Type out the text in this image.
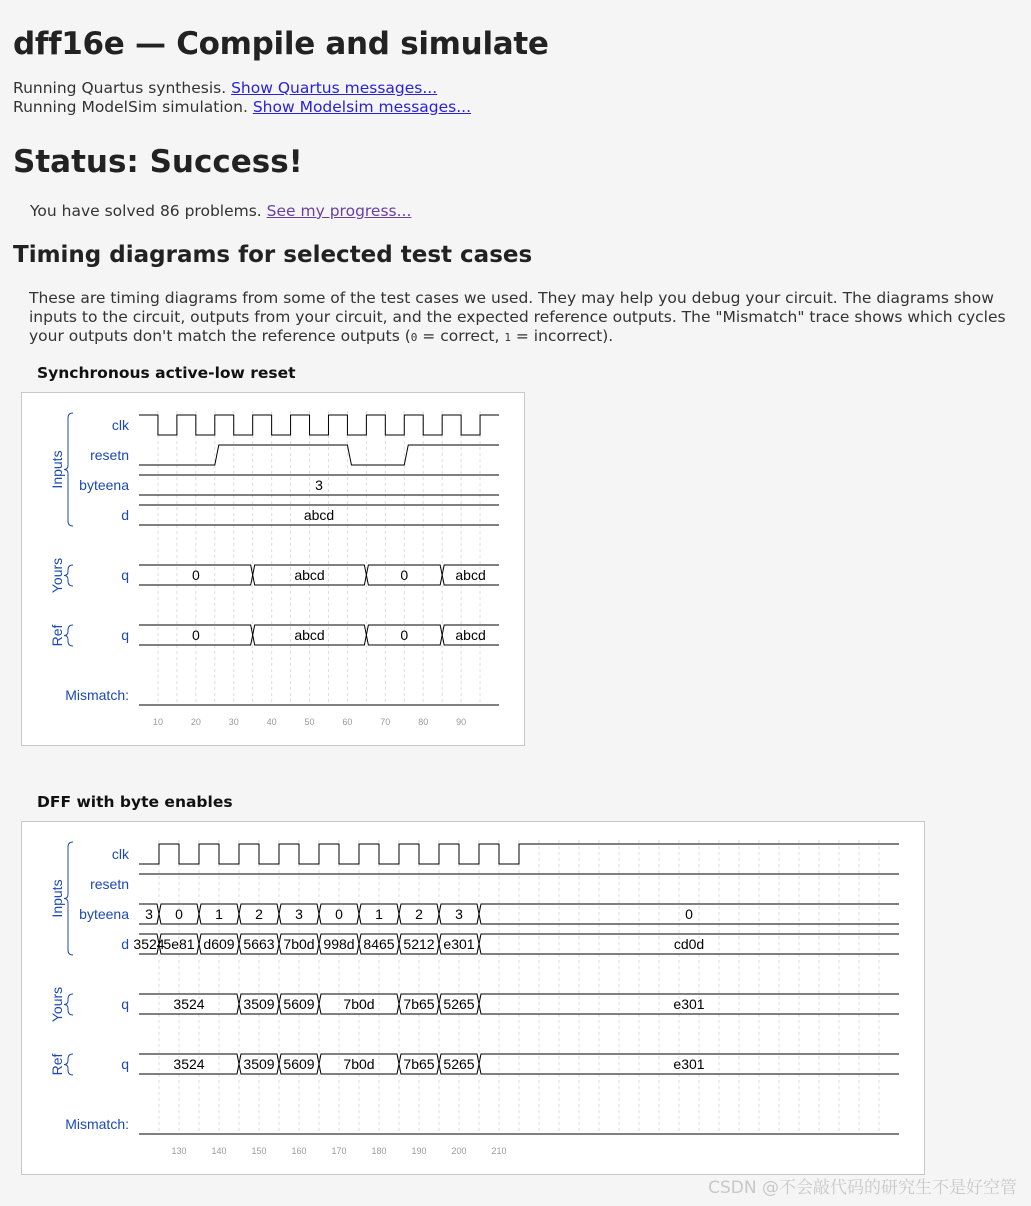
dff16e — Compile and simulate
Running Quartus synthesis. Show Quartus messages...
Running ModelSim simulation. Show Modelsim messages...
Status: Success!
You have solved 86 problems. See my progress...
Timing diagrams for selected test cases

These are timing diagrams from some of the test cases we used. They may help you debug your circuit. The diagrams show inputs to the circuit, outputs from your circuit, and the expected reference outputs. The "Mismatch" trace shows which cycles your outputs don't match the reference outputs (0 = correct, 1 = incorrect).

Synchronous active-low reset
10	20	30	40	50	60	70	80	90
clk
resetn
byteena
d
q
q
Mismatch:
Inputs
Yours
Ref
3
abcd
0	abcd	0	abcd
0	abcd	0	abcd
DFF with byte enables
130	140	150	160	170	180	190	200	210
clk
resetn
byteena
d
q
q
Mismatch:
Inputs
Yours
Ref
3 0 1 2 3 0 1 2 3	0
3524
5e81 d609 5663 7b0d 998d 8465 5212 e301	cd0d
3524	3509 5609 7b0d 7b65 5265	e301
3524	3509 5609 7b0d 7b65 5265	e301
CSDN @不会敲代码的研究生不是好空管
